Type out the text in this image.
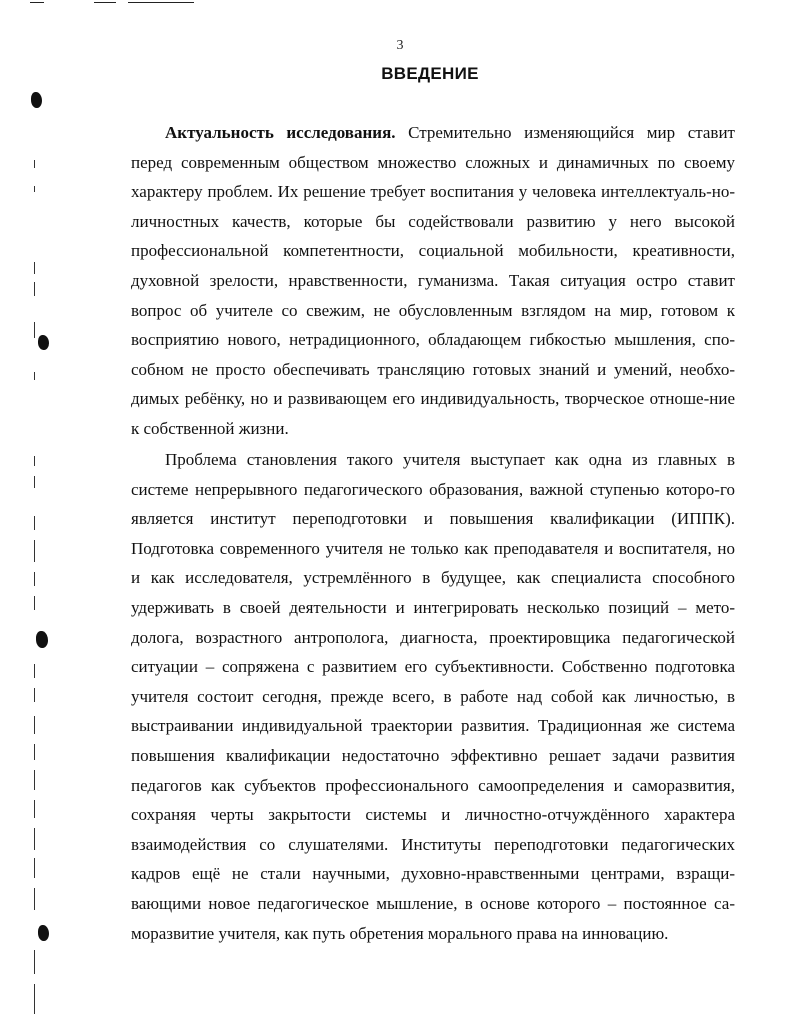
3
ВВЕДЕНИЕ

Актуальность исследования. Стремительно изменяющийся мир ставит перед современным обществом множество сложных и динамичных по своему характеру проблем. Их решение требует воспитания у человека интеллектуаль-но-личностных качеств, которые бы содействовали развитию у него высокой профессиональной компетентности, социальной мобильности, креативности, духовной зрелости, нравственности, гуманизма. Такая ситуация остро ставит вопрос об учителе со свежим, не обусловленным взглядом на мир, готовом к восприятию нового, нетрадиционного, обладающем гибкостью мышления, спо-собном не просто обеспечивать трансляцию готовых знаний и умений, необхо-димых ребёнку, но и развивающем его индивидуальность, творческое отноше-ние к собственной жизни.

Проблема становления такого учителя выступает как одна из главных в системе непрерывного педагогического образования, важной ступенью которо-го является институт переподготовки и повышения квалификации (ИППК). Подготовка современного учителя не только как преподавателя и воспитателя, но и как исследователя, устремлённого в будущее, как специалиста способного удерживать в своей деятельности и интегрировать несколько позиций – мето-долога, возрастного антрополога, диагноста, проектировщика педагогической ситуации – сопряжена с развитием его субъективности. Собственно подготовка учителя состоит сегодня, прежде всего, в работе над собой как личностью, в выстраивании индивидуальной траектории развития. Традиционная же система повышения квалификации недостаточно эффективно решает задачи развития педагогов как субъектов профессионального самоопределения и саморазвития, сохраняя черты закрытости системы и личностно-отчуждённого характера взаимодействия со слушателями. Институты переподготовки педагогических кадров ещё не стали научными, духовно-нравственными центрами, взращи-вающими новое педагогическое мышление, в основе которого – постоянное са-моразвитие учителя, как путь обретения морального права на инновацию.
